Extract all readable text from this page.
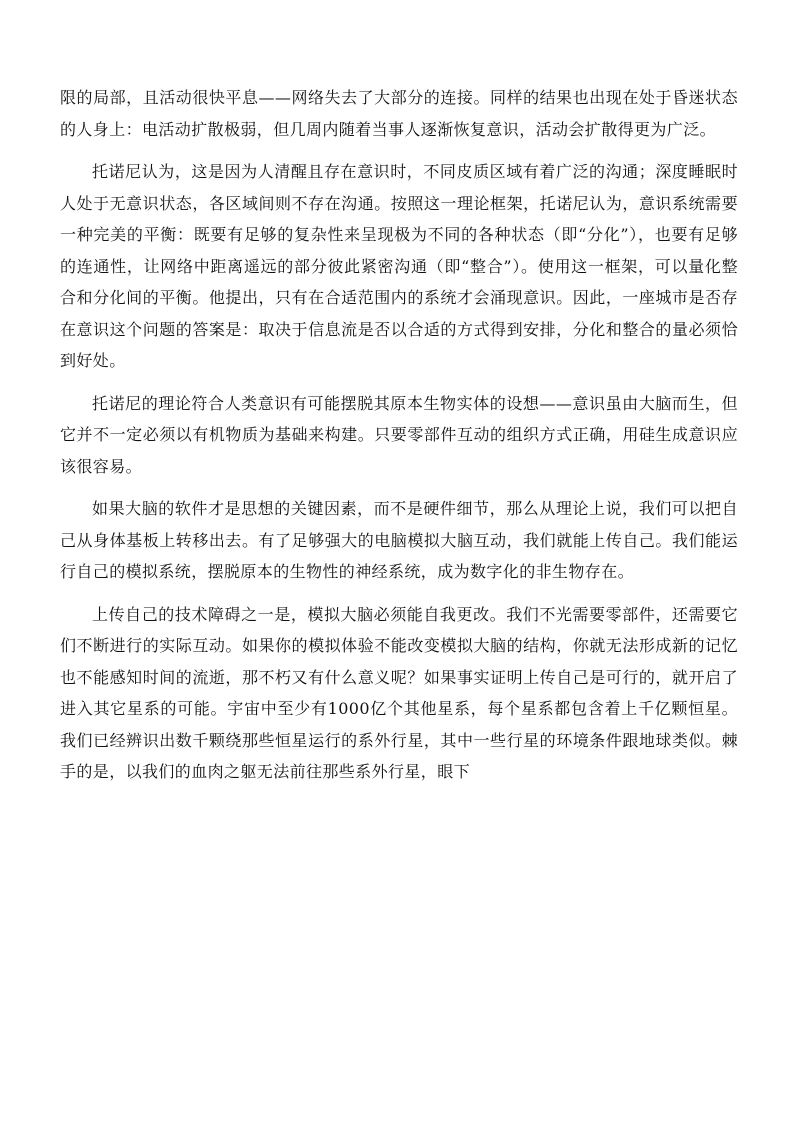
限的局部，且活动很快平息——网络失去了大部分的连接。同样的结果也出现在处于昏迷状态的人身上：电活动扩散极弱，但几周内随着当事人逐渐恢复意识，活动会扩散得更为广泛。

托诺尼认为，这是因为人清醒且存在意识时，不同皮质区域有着广泛的沟通；深度睡眠时人处于无意识状态，各区域间则不存在沟通。按照这一理论框架，托诺尼认为，意识系统需要一种完美的平衡：既要有足够的复杂性来呈现极为不同的各种状态（即“分化”），也要有足够的连通性，让网络中距离遥远的部分彼此紧密沟通（即“整合”）。使用这一框架，可以量化整合和分化间的平衡。他提出，只有在合适范围内的系统才会涌现意识。因此，一座城市是否存在意识这个问题的答案是：取决于信息流是否以合适的方式得到安排，分化和整合的量必须恰到好处。

托诺尼的理论符合人类意识有可能摆脱其原本生物实体的设想——意识虽由大脑而生，但它并不一定必须以有机物质为基础来构建。只要零部件互动的组织方式正确，用硅生成意识应该很容易。

如果大脑的软件才是思想的关键因素，而不是硬件细节，那么从理论上说，我们可以把自己从身体基板上转移出去。有了足够强大的电脑模拟大脑互动，我们就能上传自己。我们能运行自己的模拟系统，摆脱原本的生物性的神经系统，成为数字化的非生物存在。

上传自己的技术障碍之一是，模拟大脑必须能自我更改。我们不光需要零部件，还需要它们不断进行的实际互动。如果你的模拟体验不能改变模拟大脑的结构，你就无法形成新的记忆也不能感知时间的流逝，那不朽又有什么意义呢？如果事实证明上传自己是可行的，就开启了进入其它星系的可能。宇宙中至少有1000亿个其他星系，每个星系都包含着上千亿颗恒星。我们已经辨识出数千颗绕那些恒星运行的系外行星，其中一些行星的环境条件跟地球类似。棘手的是，以我们的血肉之躯无法前往那些系外行星，眼下
